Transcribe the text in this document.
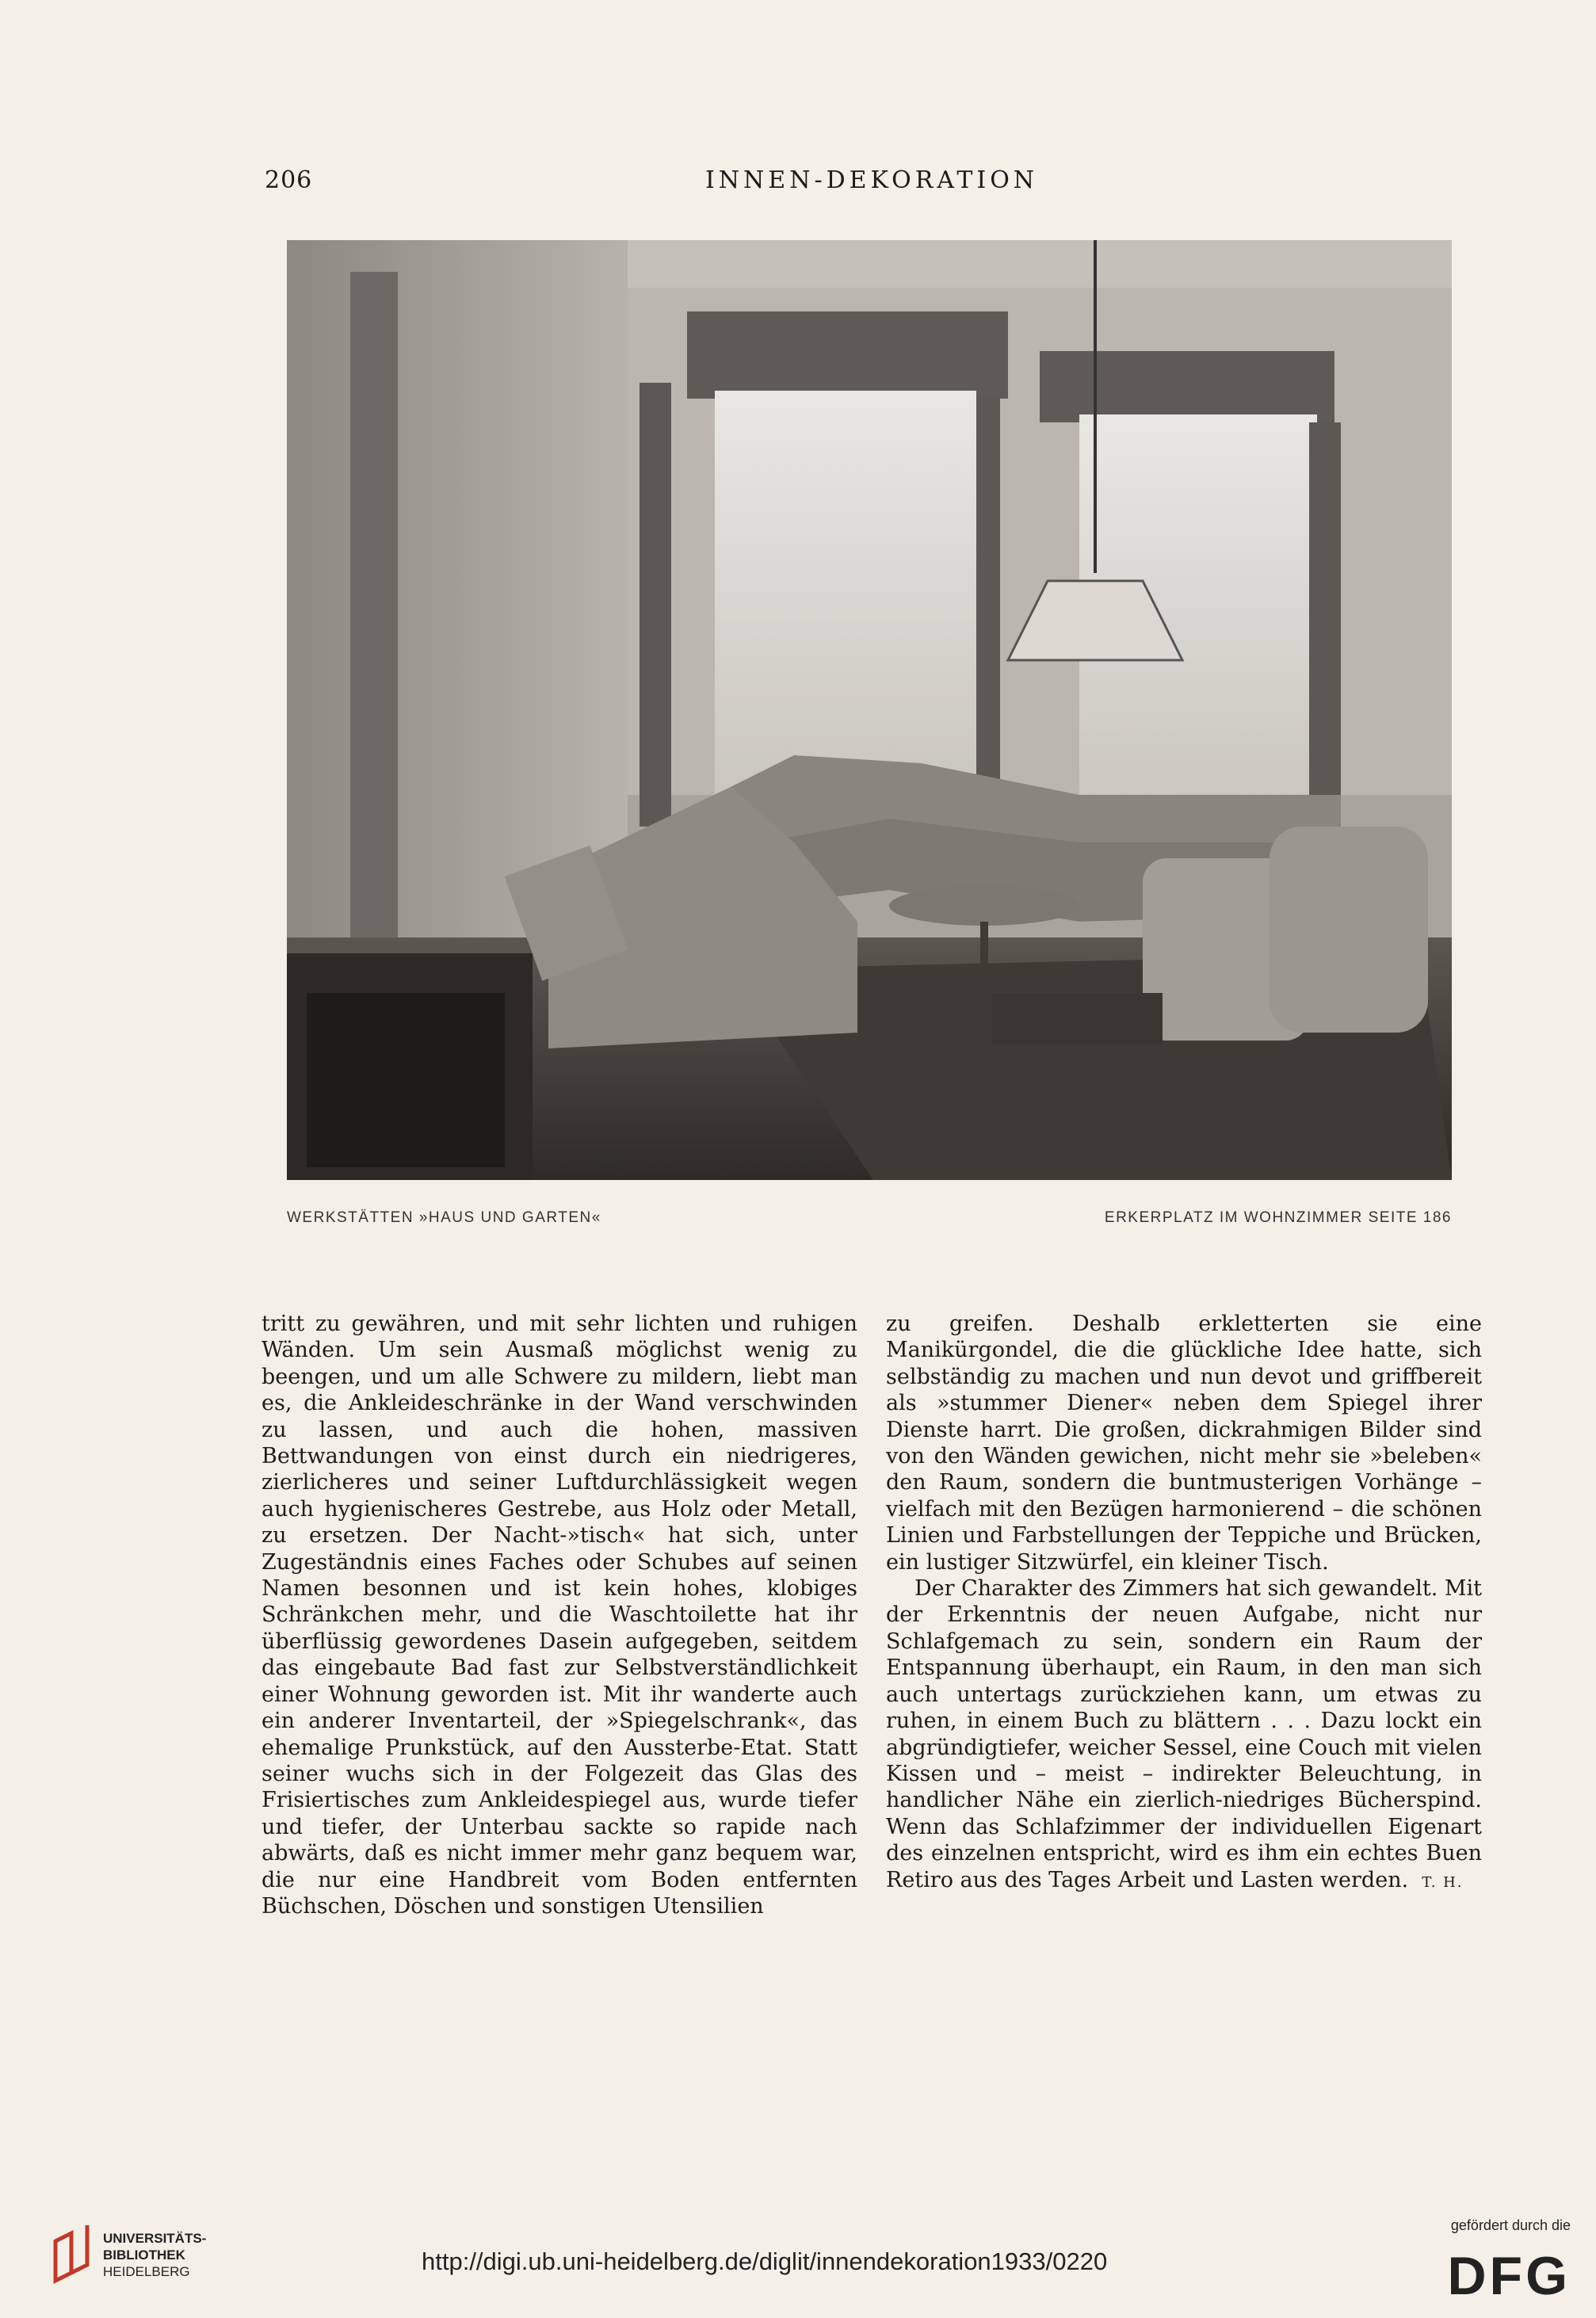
206	INNEN-DEKORATION
WERKSTÄTTEN »HAUS UND GARTEN«	ERKERPLATZ IM WOHNZIMMER SEITE 186

tritt zu gewähren, und mit sehr lichten und ruhigen Wänden. Um sein Ausmaß möglichst wenig zu beengen, und um alle Schwere zu mildern, liebt man es, die Ankleideschränke in der Wand verschwinden zu lassen, und auch die hohen, massiven Bettwandungen von einst durch ein niedrigeres, zierlicheres und seiner Luftdurchlässigkeit wegen auch hygienischeres Gestrebe, aus Holz oder Metall, zu ersetzen. Der Nacht-»tisch« hat sich, unter Zugeständnis eines Faches oder Schubes auf seinen Namen besonnen und ist kein hohes, klobiges Schränkchen mehr, und die Waschtoilette hat ihr überflüssig gewordenes Dasein aufgegeben, seitdem das eingebaute Bad fast zur Selbstverständlichkeit einer Wohnung geworden ist. Mit ihr wanderte auch ein anderer Inventarteil, der »Spiegelschrank«, das ehemalige Prunkstück, auf den Aussterbe-Etat. Statt seiner wuchs sich in der Folgezeit das Glas des Frisiertisches zum Ankleidespiegel aus, wurde tiefer und tiefer, der Unterbau sackte so rapide nach abwärts, daß es nicht immer mehr ganz bequem war, die nur eine Handbreit vom Boden entfernten Büchschen, Döschen und sonstigen Utensilien

zu greifen. Deshalb erkletterten sie eine Manikürgondel, die die glückliche Idee hatte, sich selbständig zu machen und nun devot und griffbereit als »stummer Diener« neben dem Spiegel ihrer Dienste harrt. Die großen, dickrahmigen Bilder sind von den Wänden gewichen, nicht mehr sie »beleben« den Raum, sondern die buntmusterigen Vorhänge – vielfach mit den Bezügen harmonierend – die schönen Linien und Farbstellungen der Teppiche und Brücken, ein lustiger Sitzwürfel, ein kleiner Tisch.

Der Charakter des Zimmers hat sich gewandelt. Mit der Erkenntnis der neuen Aufgabe, nicht nur Schlafgemach zu sein, sondern ein Raum der Entspannung überhaupt, ein Raum, in den man sich auch untertags zurückziehen kann, um etwas zu ruhen, in einem Buch zu blättern . . . Dazu lockt ein abgründigtiefer, weicher Sessel, eine Couch mit vielen Kissen und – meist – indirekter Beleuchtung, in handlicher Nähe ein zierlich-niedriges Bücherspind. Wenn das Schlafzimmer der individuellen Eigenart des einzelnen entspricht, wird es ihm ein echtes Buen Retiro aus des Tages Arbeit und Lasten werden. T. H.

UNIVERSITÄTS-
BIBLIOTHEK
HEIDELBERG	http://digi.ub.uni-heidelberg.de/diglit/innendekoration1933/0220
gefördert durch die
DFG
